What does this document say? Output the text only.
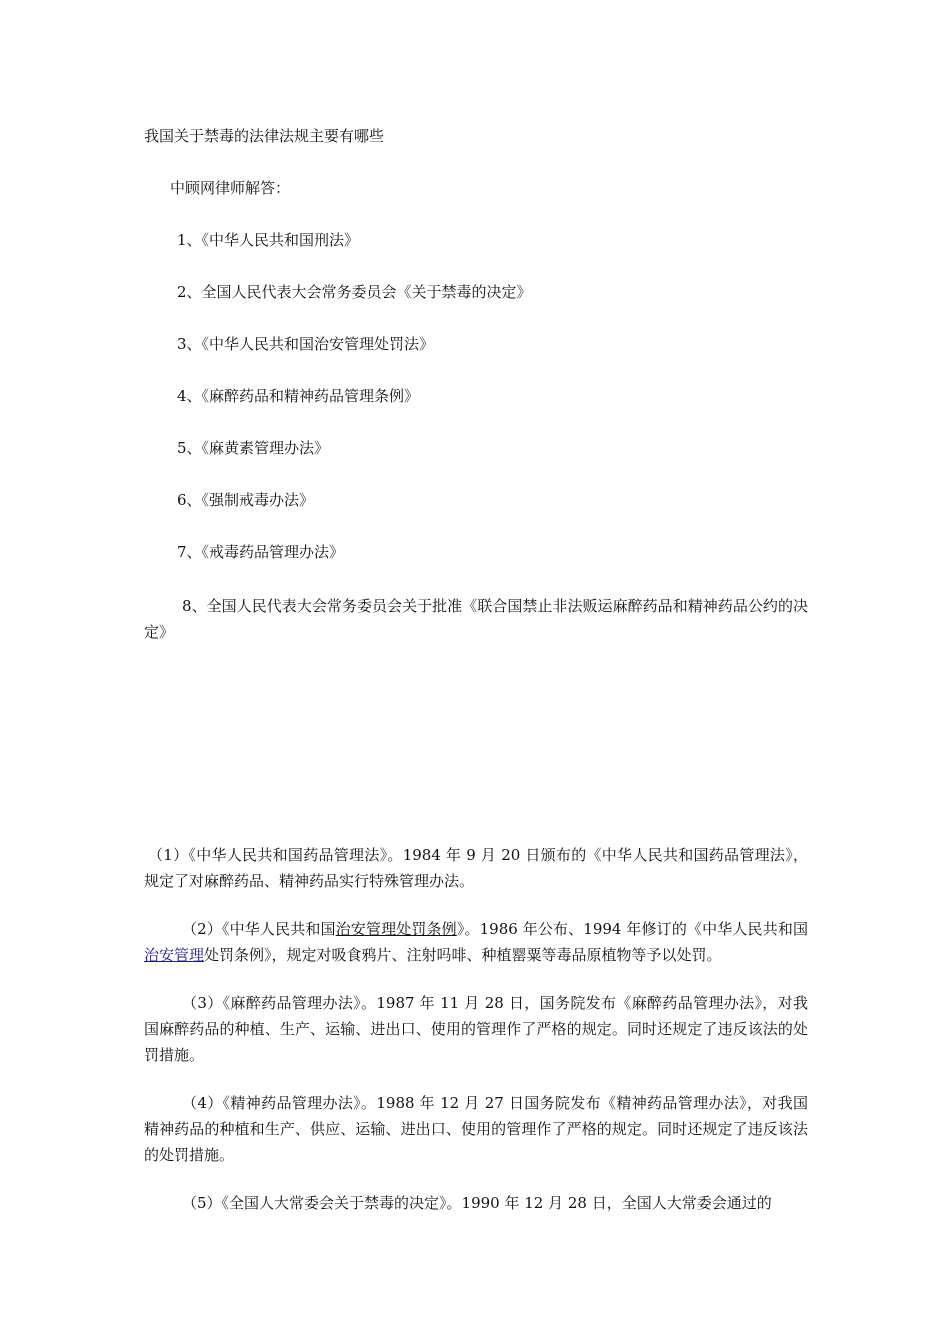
我国关于禁毒的法律法规主要有哪些
中顾网律师解答：
1、《中华人民共和国刑法》
2、全国人民代表大会常务委员会《关于禁毒的决定》
3、《中华人民共和国治安管理处罚法》
4、《麻醉药品和精神药品管理条例》
5、《麻黄素管理办法》
6、《强制戒毒办法》
7、《戒毒药品管理办法》
8、全国人民代表大会常务委员会关于批准《联合国禁止非法贩运麻醉药品和精神药品公约的决定》
（1）《中华人民共和国药品管理法》。1984 年 9 月 20 日颁布的《中华人民共和国药品管理法》，规定了对麻醉药品、精神药品实行特殊管理办法。
（2）《中华人民共和国治安管理处罚条例》。1986 年公布、1994 年修订的《中华人民共和国治安管理处罚条例》，规定对吸食鸦片、注射吗啡、种植罂粟等毒品原植物等予以处罚。
（3）《麻醉药品管理办法》。1987 年 11 月 28 日，国务院发布《麻醉药品管理办法》，对我国麻醉药品的种植、生产、运输、进出口、使用的管理作了严格的规定。同时还规定了违反该法的处罚措施。
（4）《精神药品管理办法》。1988 年 12 月 27 日国务院发布《精神药品管理办法》，对我国精神药品的种植和生产、供应、运输、进出口、使用的管理作了严格的规定。同时还规定了违反该法的处罚措施。
（5）《全国人大常委会关于禁毒的决定》。1990 年 12 月 28 日，全国人大常委会通过的
